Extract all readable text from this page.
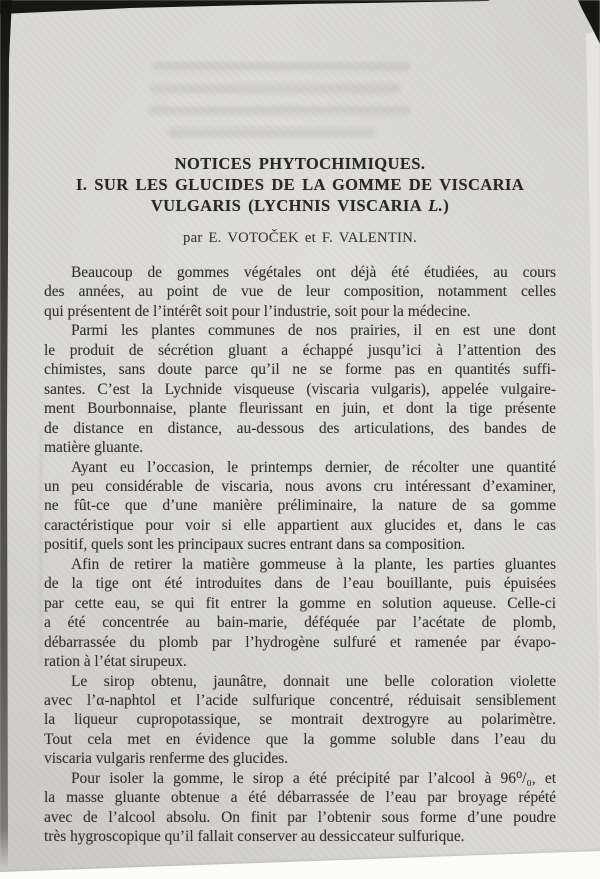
NOTICES PHYTOCHIMIQUES.
I. SUR LES GLUCIDES DE LA GOMME DE VISCARIA
VULGARIS (LYCHNIS VISCARIA L.)
par E. VOTOČEK et F. VALENTIN.
Beaucoup de gommes végétales ont déjà été étudiées, au cours
des années, au point de vue de leur composition, notamment celles
qui présentent de l’intérêt soit pour l’industrie, soit pour la médecine.
Parmi les plantes communes de nos prairies, il en est une dont
le produit de sécrétion gluant a échappé jusqu’ici à l’attention des
chimistes, sans doute parce qu’il ne se forme pas en quantités suffi-
santes. C’est la Lychnide visqueuse (viscaria vulgaris), appelée vulgaire-
ment Bourbonnaise, plante fleurissant en juin, et dont la tige présente
de distance en distance, au-dessous des articulations, des bandes de
matière gluante.
Ayant eu l’occasion, le printemps dernier, de récolter une quantité
un peu considérable de viscaria, nous avons cru intéressant d’examiner,
ne fût-ce que d’une manière préliminaire, la nature de sa gomme
caractéristique pour voir si elle appartient aux glucides et, dans le cas
positif, quels sont les principaux sucres entrant dans sa composition.
Afin de retirer la matière gommeuse à la plante, les parties gluantes
de la tige ont été introduites dans de l’eau bouillante, puis épuisées
par cette eau, se qui fit entrer la gomme en solution aqueuse. Celle-ci
a été concentrée au bain-marie, déféquée par l’acétate de plomb,
débarrassée du plomb par l’hydrogène sulfuré et ramenée par évapo-
ration à l’état sirupeux.
Le sirop obtenu, jaunâtre, donnait une belle coloration violette
avec l’α-naphtol et l’acide sulfurique concentré, réduisait sensiblement
la liqueur cupropotassique, se montrait dextrogyre au polarimètre.
Tout cela met en évidence que la gomme soluble dans l’eau du
viscaria vulgaris renferme des glucides.
Pour isoler la gomme, le sirop a été précipité par l’alcool à 96⁰/₀, et
la masse gluante obtenue a été débarrassée de l’eau par broyage répété
avec de l’alcool absolu. On finit par l’obtenir sous forme d’une poudre
très hygroscopique qu’il fallait conserver au dessiccateur sulfurique.
